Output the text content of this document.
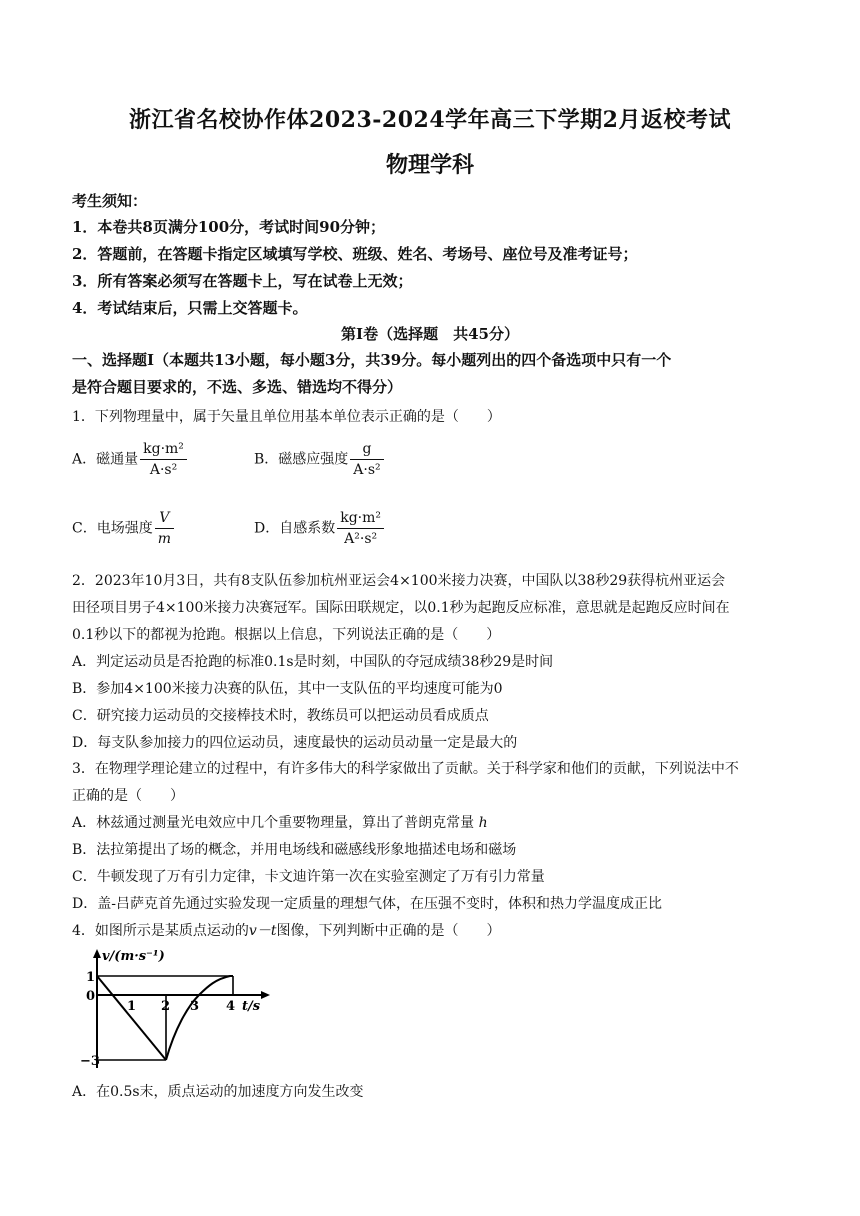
浙江省名校协作体2023-2024学年高三下学期2月返校考试
物理学科
考生须知：
1．本卷共8页满分100分，考试时间90分钟；
2．答题前，在答题卡指定区域填写学校、班级、姓名、考场号、座位号及准考证号；
3．所有答案必须写在答题卡上，写在试卷上无效；
4．考试结束后，只需上交答题卡。
第Ⅰ卷（选择题　共45分）
一、选择题Ⅰ（本题共13小题，每小题3分，共39分。每小题列出的四个备选项中只有一个
是符合题目要求的，不选、多选、错选均不得分）
1．下列物理量中，属于矢量且单位用基本单位表示正确的是（　　）
A．磁通量 $\frac{\text{kg·m²}}{\text{A·s²}}$	B．磁感应强度 $\frac{g}{\text{A·s²}}$
C．电场强度 $\frac{V}{m}$	D．自感系数 $\frac{\text{kg·m²}}{\text{A²·s²}}$
2．2023年10月3日，共有8支队伍参加杭州亚运会4×100米接力决赛，中国队以38秒29获得杭州亚运会
田径项目男子4×100米接力决赛冠军。国际田联规定，以0.1秒为起跑反应标准，意思就是起跑反应时间在
0.1秒以下的都视为抢跑。根据以上信息，下列说法正确的是（　　）
A．判定运动员是否抢跑的标准0.1s是时刻，中国队的夺冠成绩38秒29是时间
B．参加4×100米接力决赛的队伍，其中一支队伍的平均速度可能为0
C．研究接力运动员的交接棒技术时，教练员可以把运动员看成质点
D．每支队参加接力的四位运动员，速度最快的运动员动量一定是最大的
3．在物理学理论建立的过程中，有许多伟大的科学家做出了贡献。关于科学家和他们的贡献，下列说法中不
正确的是（　　）
A．林兹通过测量光电效应中几个重要物理量，算出了普朗克常量 h
B．法拉第提出了场的概念，并用电场线和磁感线形象地描述电场和磁场
C．牛顿发现了万有引力定律，卡文迪许第一次在实验室测定了万有引力常量
D．盖-吕萨克首先通过实验发现一定质量的理想气体，在压强不变时，体积和热力学温度成正比
4．如图所示是某质点运动的v－t图像，下列判断中正确的是（　　）
v/(m·s⁻¹)
t/s
1
0
−3
1 2 3 4
A．在0.5s末，质点运动的加速度方向发生改变
